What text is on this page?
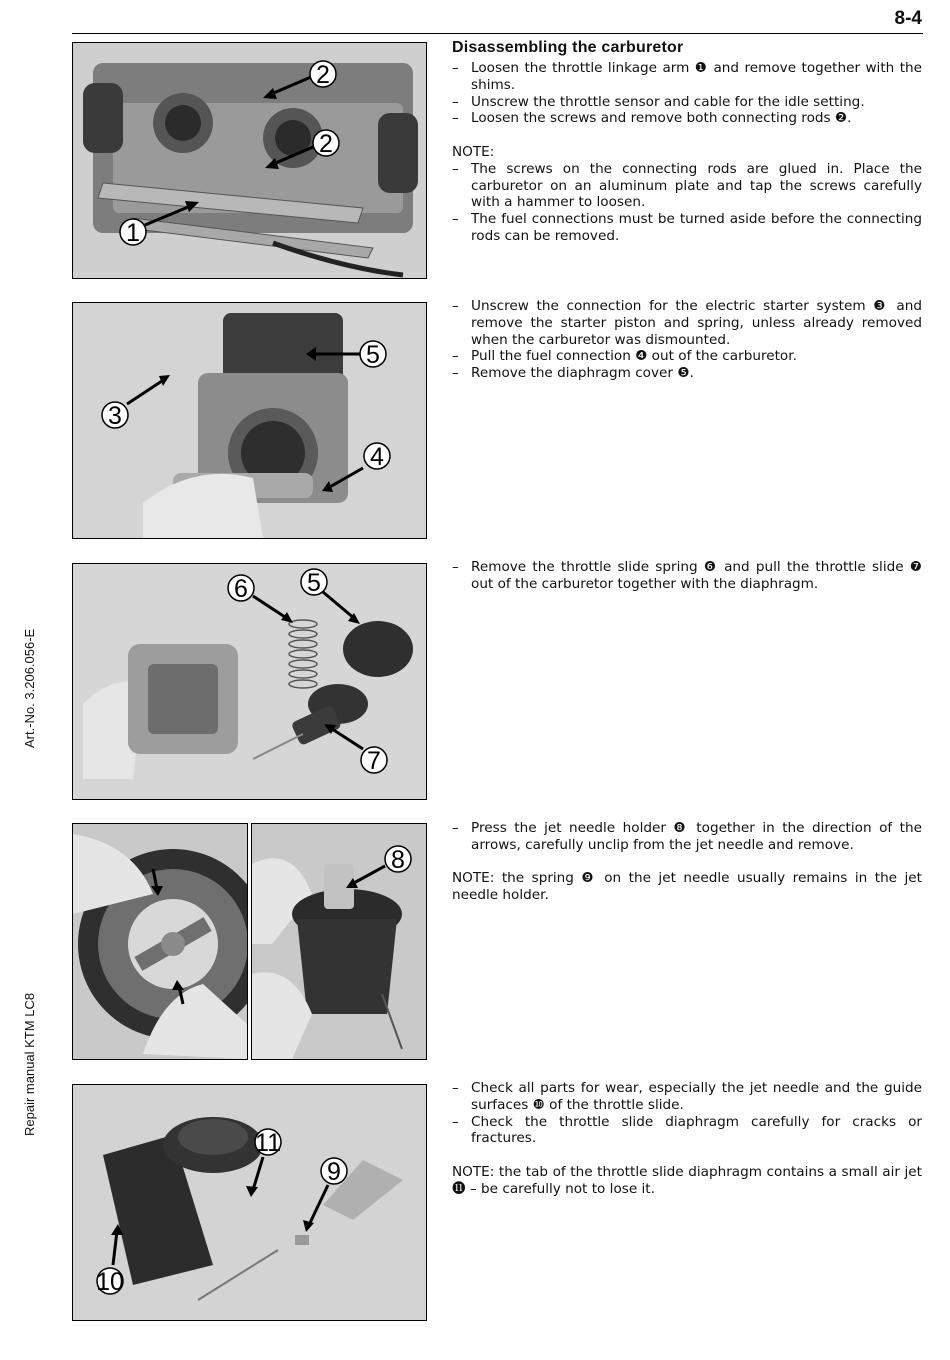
8-4
Art.-No. 3.206.056-E
Repair manual KTM LC8
2
2
1
5
3
4
6 5
7
8
11
9
10
Disassembling the carburetor
– Loosen the throttle linkage arm ❶ and remove together with the shims.
– Unscrew the throttle sensor and cable for the idle setting.
– Loosen the screws and remove both connecting rods ❷.

NOTE:

– The screws on the connecting rods are glued in. Place the carburetor on an aluminum plate and tap the screws carefully with a hammer to loosen.
– The fuel connections must be turned aside before the connecting rods can be removed.
– Unscrew the connection for the electric starter system ❸ and remove the starter piston and spring, unless already removed when the carburetor was dismounted.
– Pull the fuel connection ❹ out of the carburetor.
– Remove the diaphragm cover ❺.
– Remove the throttle slide spring ❻ and pull the throttle slide ❼ out of the carburetor together with the diaphragm.
– Press the jet needle holder ❽ together in the direction of the arrows, carefully unclip from the jet needle and remove.

NOTE: the spring ❾ on the jet needle usually remains in the jet needle holder.

– Check all parts for wear, especially the jet needle and the guide surfaces ❿ of the throttle slide.
– Check the throttle slide diaphragm carefully for cracks or fractures.

NOTE: the tab of the throttle slide diaphragm contains a small air jet ⓫ – be carefully not to lose it.
